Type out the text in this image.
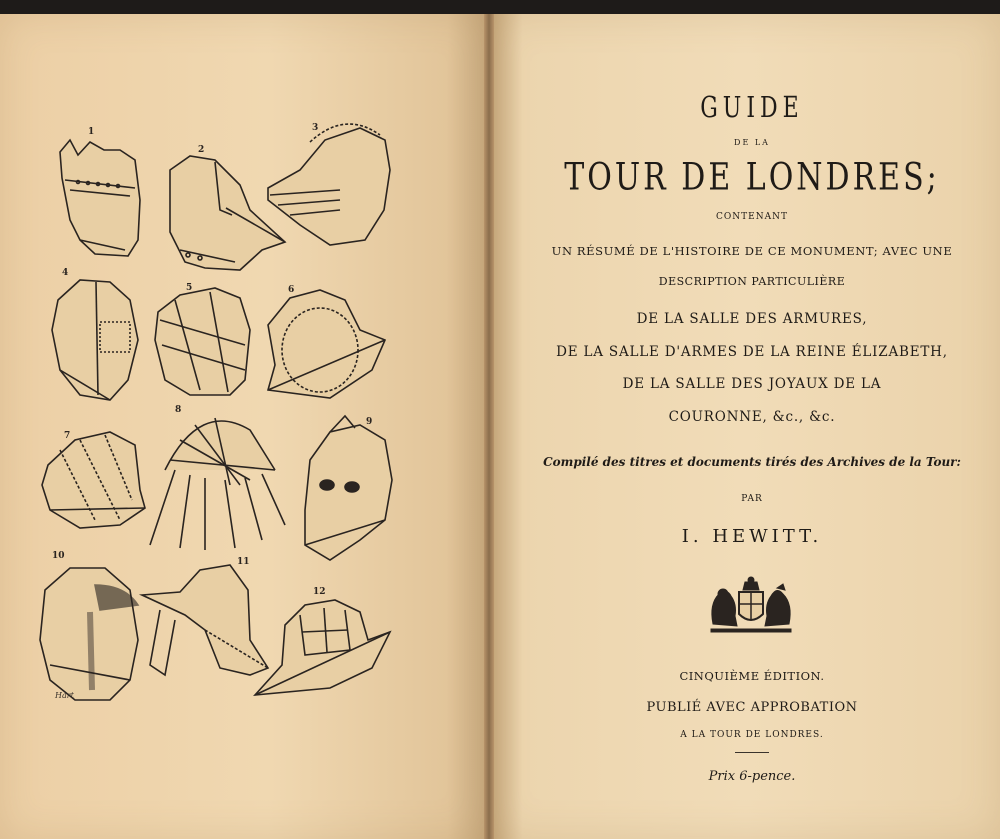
1
2
3
4
5	6
7
8
9
10
11
12
Hart
GUIDE
DE LA
TOUR DE LONDRES;
CONTENANT
UN RÉSUMÉ DE L'HISTOIRE DE CE MONUMENT; AVEC UNE
DESCRIPTION PARTICULIÈRE
DE LA SALLE DES ARMURES,
DE LA SALLE D'ARMES DE LA REINE ÉLIZABETH,
DE LA SALLE DES JOYAUX DE LA
COURONNE, &c., &c.
Compilé des titres et documents tirés des Archives de la Tour:
PAR
I. HEWITT.
CINQUIÈME ÉDITION.
PUBLIÉ AVEC APPROBATION
A LA TOUR DE LONDRES.
Prix 6-pence.
